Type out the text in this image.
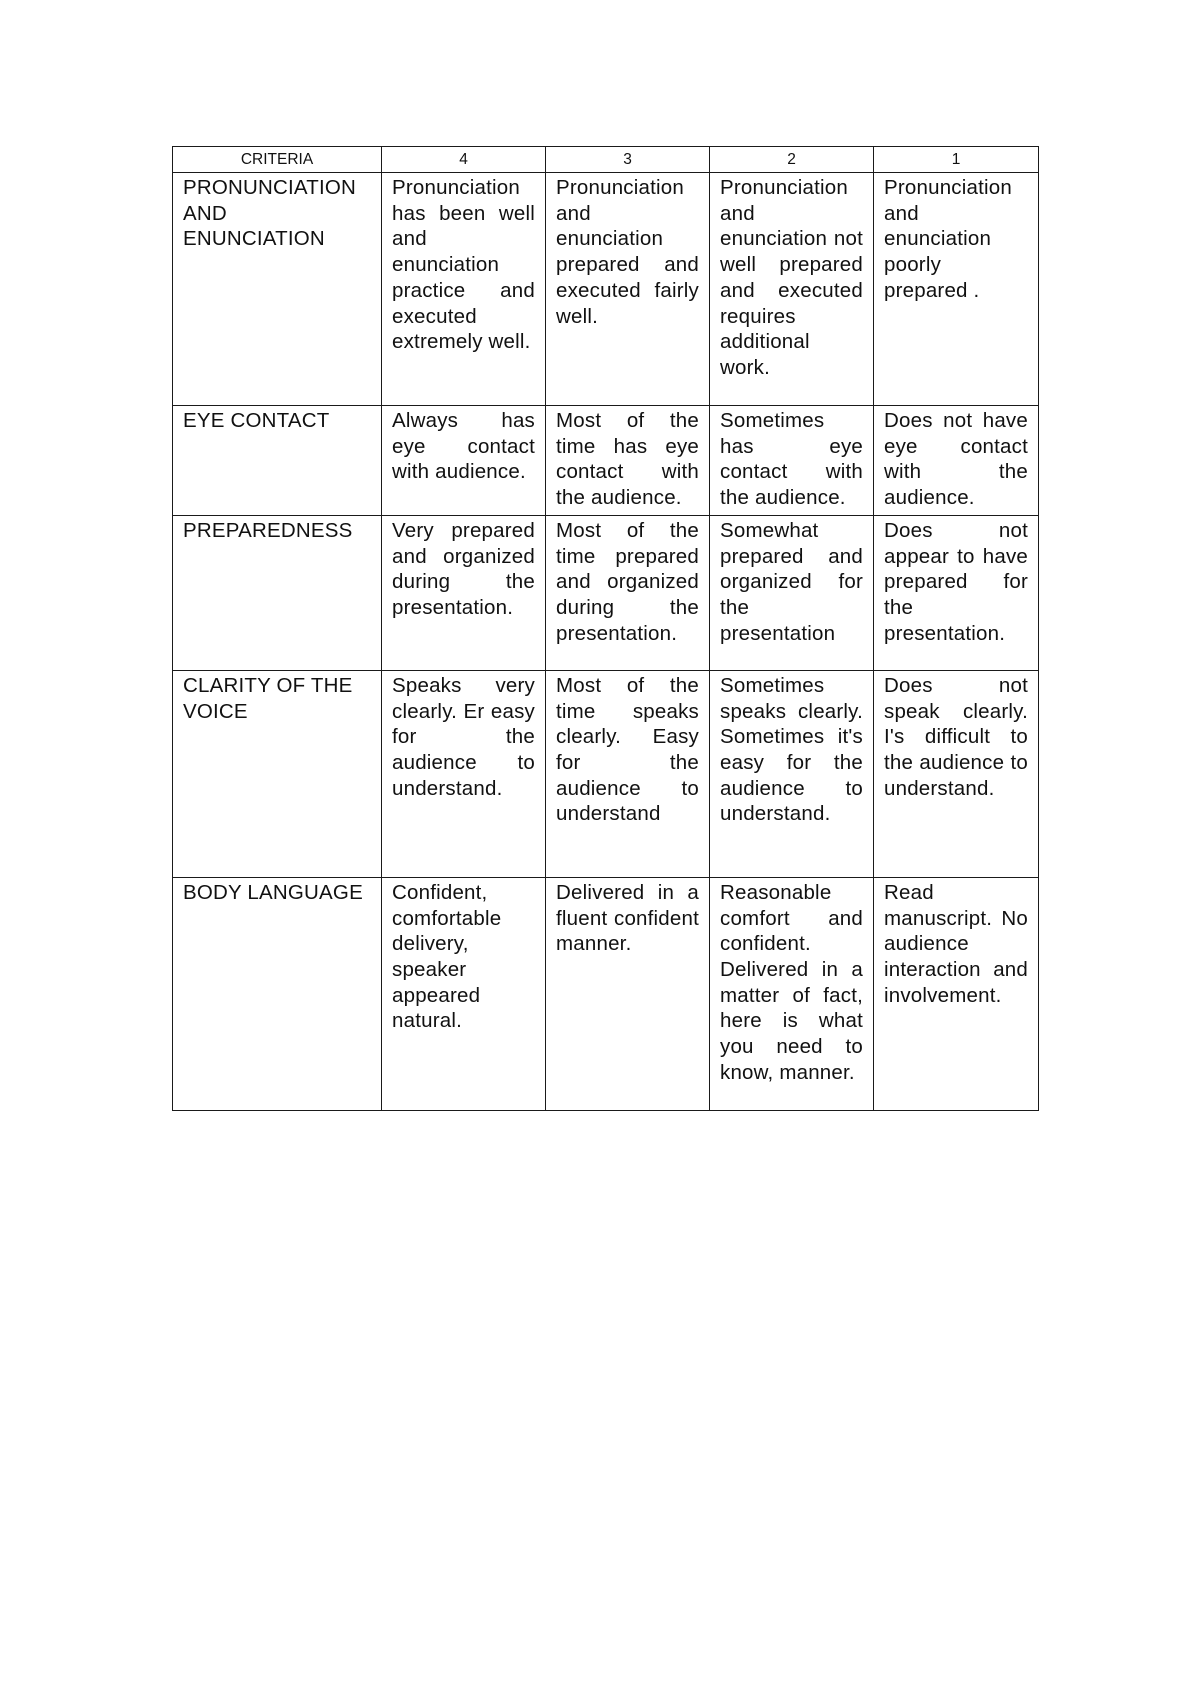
CRITERIA	4	3	2	1
PRONUNCIATION AND ENUNCIATION	Pronunciation has been well and enunciation practice and executed extremely well.	Pronunciation and enunciation prepared and executed fairly well.	Pronunciation and enunciation not well prepared and executed requires additional work.	Pronunciation and enunciation poorly prepared .
EYE CONTACT	Always has eye contact with audience.	Most of the time has eye contact with the audience.	Sometimes has eye contact with the audience.	Does not have eye contact with the audience.
PREPAREDNESS	Very prepared and organized during the presentation.	Most of the time prepared and organized during the presentation.	Somewhat prepared and organized for the presentation	Does not appear to have prepared for the presentation.
CLARITY OF THE VOICE	Speaks very clearly. Er easy for the audience to understand.	Most of the time speaks clearly. Easy for the audience to understand	Sometimes speaks clearly. Sometimes it's easy for the audience to understand.	Does not speak clearly. I's difficult to the audience to understand.
BODY LANGUAGE	Confident, comfortable delivery, speaker appeared natural.	Delivered in a fluent confident manner.	Reasonable comfort and confident. Delivered in a matter of fact, here is what you need to know, manner.	Read manuscript. No audience interaction and involvement.
